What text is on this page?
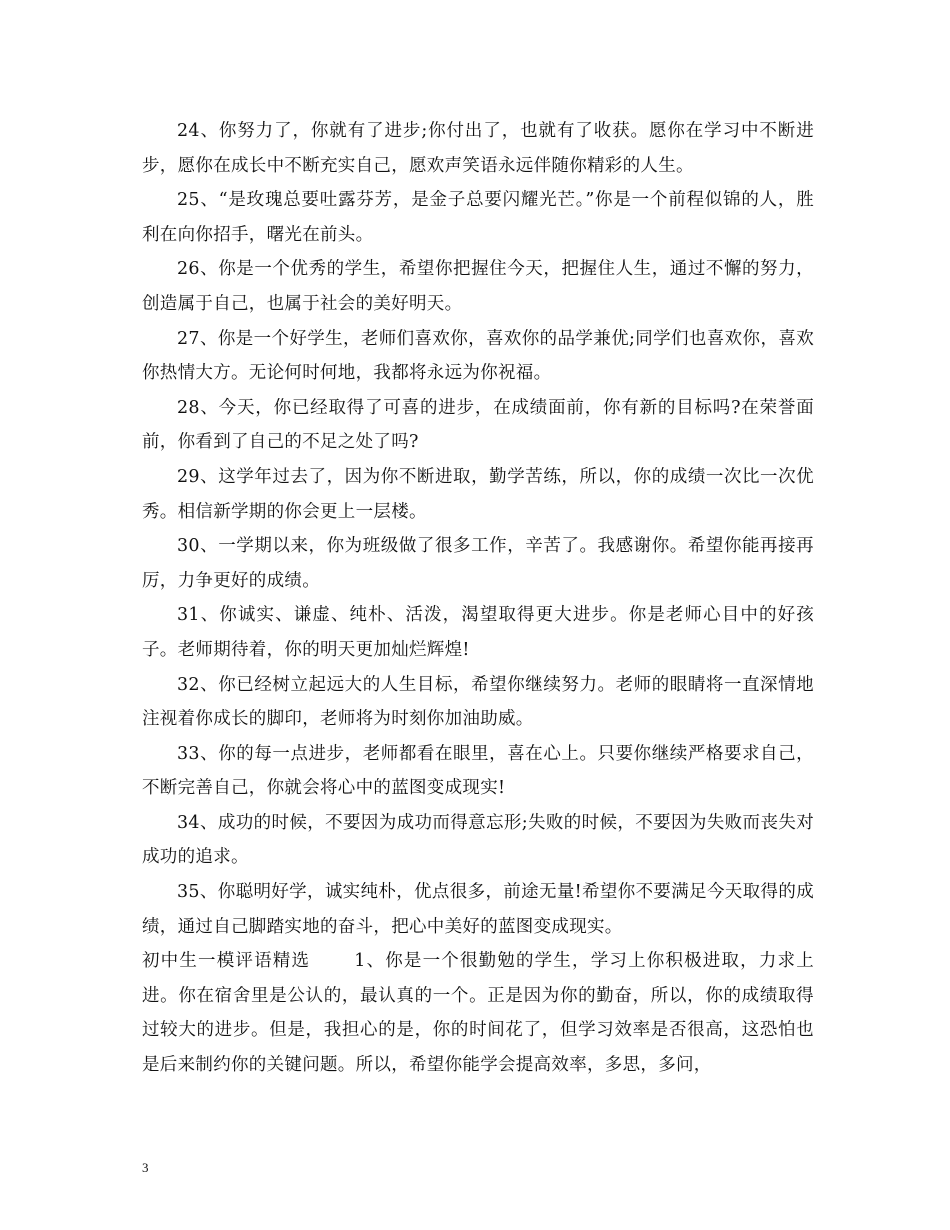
24、你努力了，你就有了进步;你付出了，也就有了收获。愿你在学习中不断进步，愿你在成长中不断充实自己，愿欢声笑语永远伴随你精彩的人生。

25、“是玫瑰总要吐露芬芳，是金子总要闪耀光芒。”你是一个前程似锦的人，胜利在向你招手，曙光在前头。

26、你是一个优秀的学生，希望你把握住今天，把握住人生，通过不懈的努力，创造属于自己，也属于社会的美好明天。

27、你是一个好学生，老师们喜欢你，喜欢你的品学兼优;同学们也喜欢你，喜欢你热情大方。无论何时何地，我都将永远为你祝福。

28、今天，你已经取得了可喜的进步，在成绩面前，你有新的目标吗?在荣誉面前，你看到了自己的不足之处了吗?

29、这学年过去了，因为你不断进取，勤学苦练，所以，你的成绩一次比一次优秀。相信新学期的你会更上一层楼。

30、一学期以来，你为班级做了很多工作，辛苦了。我感谢你。希望你能再接再厉，力争更好的成绩。

31、你诚实、谦虚、纯朴、活泼，渴望取得更大进步。你是老师心目中的好孩子。老师期待着，你的明天更加灿烂辉煌!

32、你已经树立起远大的人生目标，希望你继续努力。老师的眼睛将一直深情地注视着你成长的脚印，老师将为时刻你加油助威。

33、你的每一点进步，老师都看在眼里，喜在心上。只要你继续严格要求自己，不断完善自己，你就会将心中的蓝图变成现实!

34、成功的时候，不要因为成功而得意忘形;失败的时候，不要因为失败而丧失对成功的追求。

35、你聪明好学，诚实纯朴，优点很多，前途无量!希望你不要满足今天取得的成绩，通过自己脚踏实地的奋斗，把心中美好的蓝图变成现实。

初中生一模评语精选　　 1、你是一个很勤勉的学生，学习上你积极进取，力求上进。你在宿舍里是公认的，最认真的一个。正是因为你的勤奋，所以，你的成绩取得过较大的进步。但是，我担心的是，你的时间花了，但学习效率是否很高，这恐怕也是后来制约你的关键问题。所以，希望你能学会提高效率，多思，多问，

3
